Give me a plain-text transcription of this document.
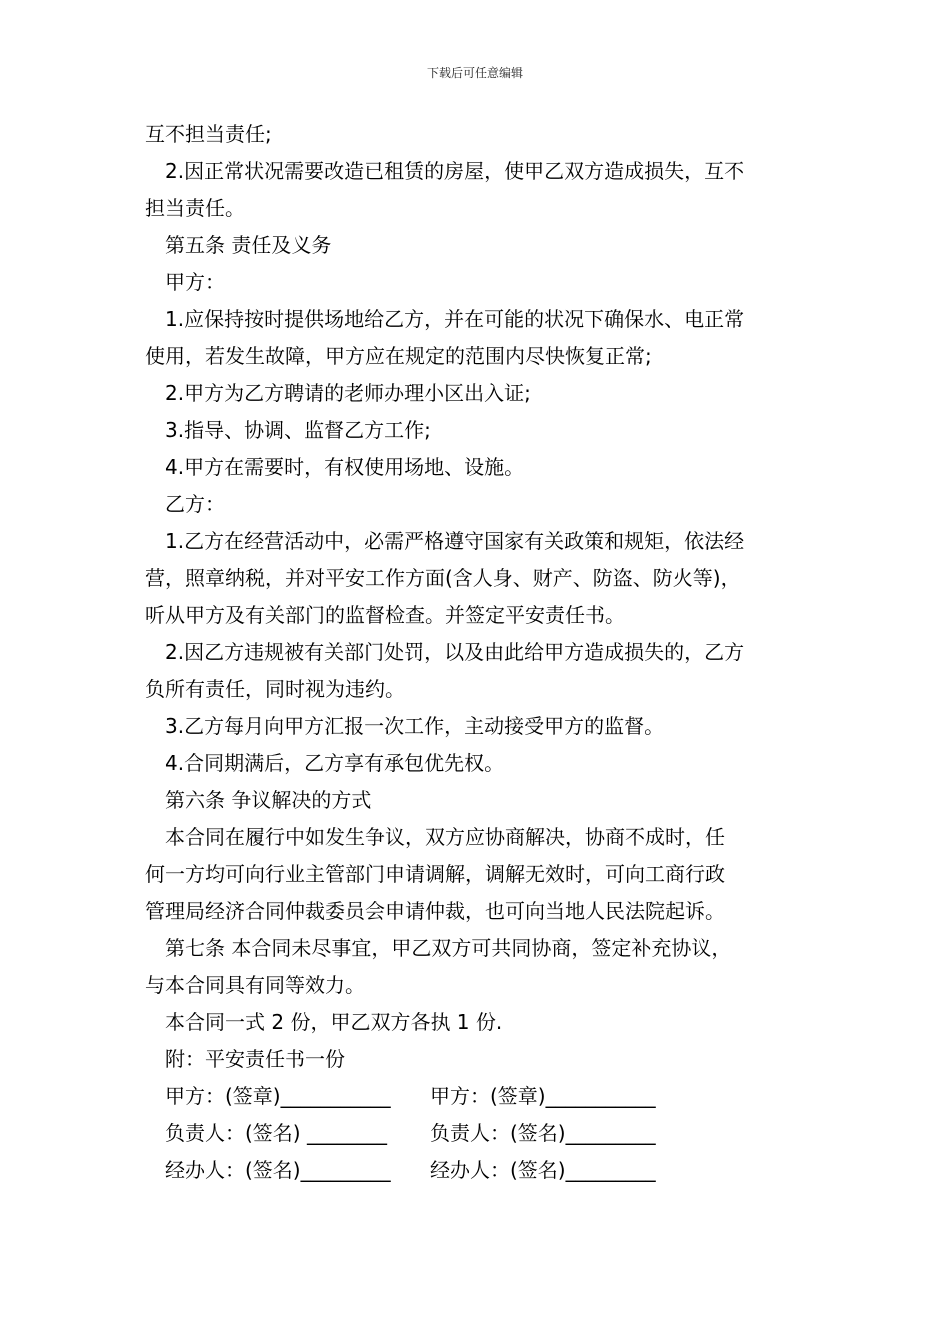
下载后可任意编辑
互不担当责任;
2.因正常状况需要改造已租赁的房屋，使甲乙双方造成损失，互不
担当责任。
第五条 责任及义务
甲方：
1.应保持按时提供场地给乙方，并在可能的状况下确保水、电正常
使用，若发生故障，甲方应在规定的范围内尽快恢复正常;
2.甲方为乙方聘请的老师办理小区出入证;
3.指导、协调、监督乙方工作;
4.甲方在需要时，有权使用场地、设施。
乙方：
1.乙方在经营活动中，必需严格遵守国家有关政策和规矩，依法经
营，照章纳税，并对平安工作方面(含人身、财产、防盗、防火等)，
听从甲方及有关部门的监督检查。并签定平安责任书。
2.因乙方违规被有关部门处罚，以及由此给甲方造成损失的，乙方
负所有责任，同时视为违约。
3.乙方每月向甲方汇报一次工作，主动接受甲方的监督。
4.合同期满后，乙方享有承包优先权。
第六条 争议解决的方式
本合同在履行中如发生争议，双方应协商解决，协商不成时，任
何一方均可向行业主管部门申请调解，调解无效时，可向工商行政
管理局经济合同仲裁委员会申请仲裁，也可向当地人民法院起诉。
第七条 本合同未尽事宜，甲乙双方可共同协商，签定补充协议，
与本合同具有同等效力。
本合同一式 2 份，甲乙双方各执 1 份.
附：平安责任书一份
甲方：(签章)___________	甲方：(签章)___________
负责人：(签名) ________	负责人：(签名)_________
经办人：(签名)_________	经办人：(签名)_________
